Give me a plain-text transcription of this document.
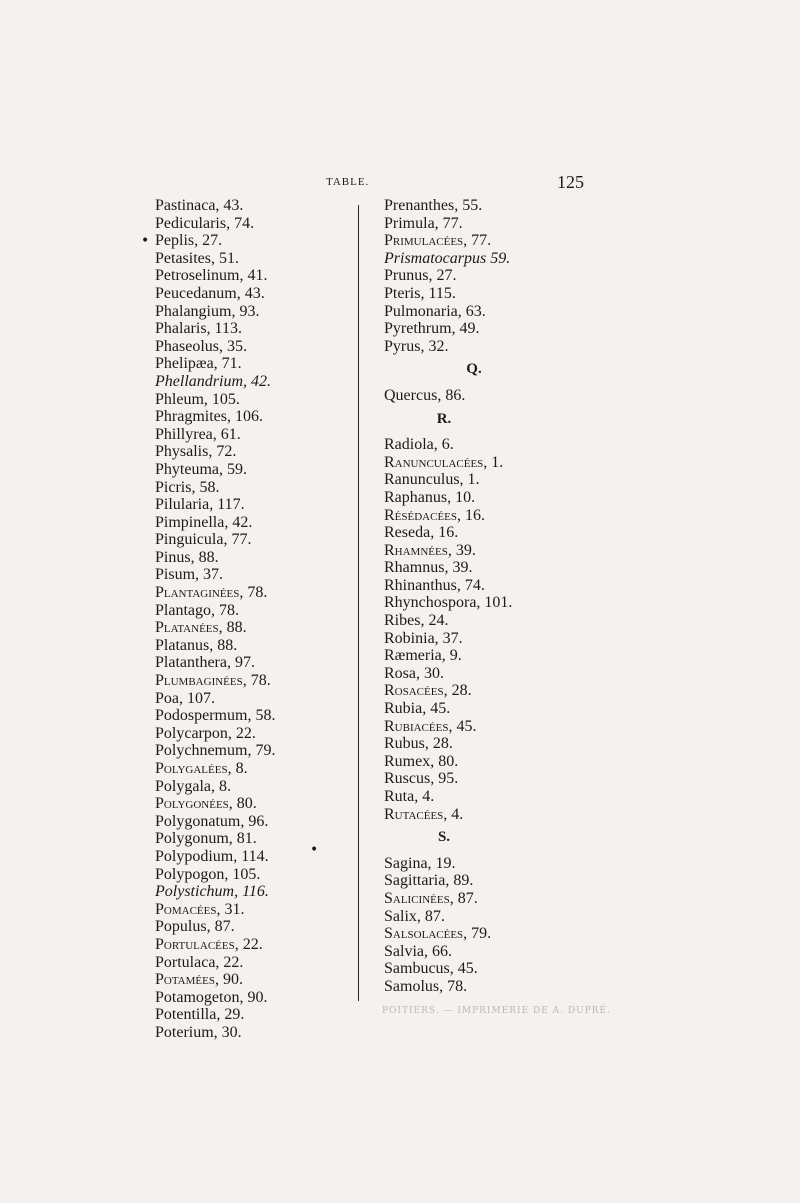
TABLE.	125
Pastinaca, 43.
Pedicularis, 74.
Peplis, 27.
Petasites, 51.
Petroselinum, 41.
Peucedanum, 43.
Phalangium, 93.
Phalaris, 113.
Phaseolus, 35.
Phelipæa, 71.
Phellandrium, 42.
Phleum, 105.
Phragmites, 106.
Phillyrea, 61.
Physalis, 72.
Phyteuma, 59.
Picris, 58.
Pilularia, 117.
Pimpinella, 42.
Pinguicula, 77.
Pinus, 88.
Pisum, 37.
Plantaginées, 78.
Plantago, 78.
Platanées, 88.
Platanus, 88.
Platanthera, 97.
Plumbaginées, 78.
Poa, 107.
Podospermum, 58.
Polycarpon, 22.
Polychnemum, 79.
Polygalées, 8.
Polygala, 8.
Polygonées, 80.
Polygonatum, 96.
Polygonum, 81.
Polypodium, 114.
Polypogon, 105.
Polystichum, 116.
Pomacées, 31.
Populus, 87.
Portulacées, 22.
Portulaca, 22.
Potamées, 90.
Potamogeton, 90.
Potentilla, 29.
Poterium, 30.
Prenanthes, 55.
Primula, 77.
Primulacées, 77.
Prismatocarpus 59.
Prunus, 27.
Pteris, 115.
Pulmonaria, 63.
Pyrethrum, 49.
Pyrus, 32.
Q.
Quercus, 86.
R.
Radiola, 6.
Ranunculacées, 1.
Ranunculus, 1.
Raphanus, 10.
Résédacées, 16.
Reseda, 16.
Rhamnées, 39.
Rhamnus, 39.
Rhinanthus, 74.
Rhynchospora, 101.
Ribes, 24.
Robinia, 37.
Ræmeria, 9.
Rosa, 30.
Rosacées, 28.
Rubia, 45.
Rubiacées, 45.
Rubus, 28.
Rumex, 80.
Ruscus, 95.
Ruta, 4.
Rutacées, 4.
S.
Sagina, 19.
Sagittaria, 89.
Salicinées, 87.
Salix, 87.
Salsolacées, 79.
Salvia, 66.
Sambucus, 45.
Samolus, 78.
•
•
POITIERS. — IMPRIMERIE DE A. DUPRÉ.
